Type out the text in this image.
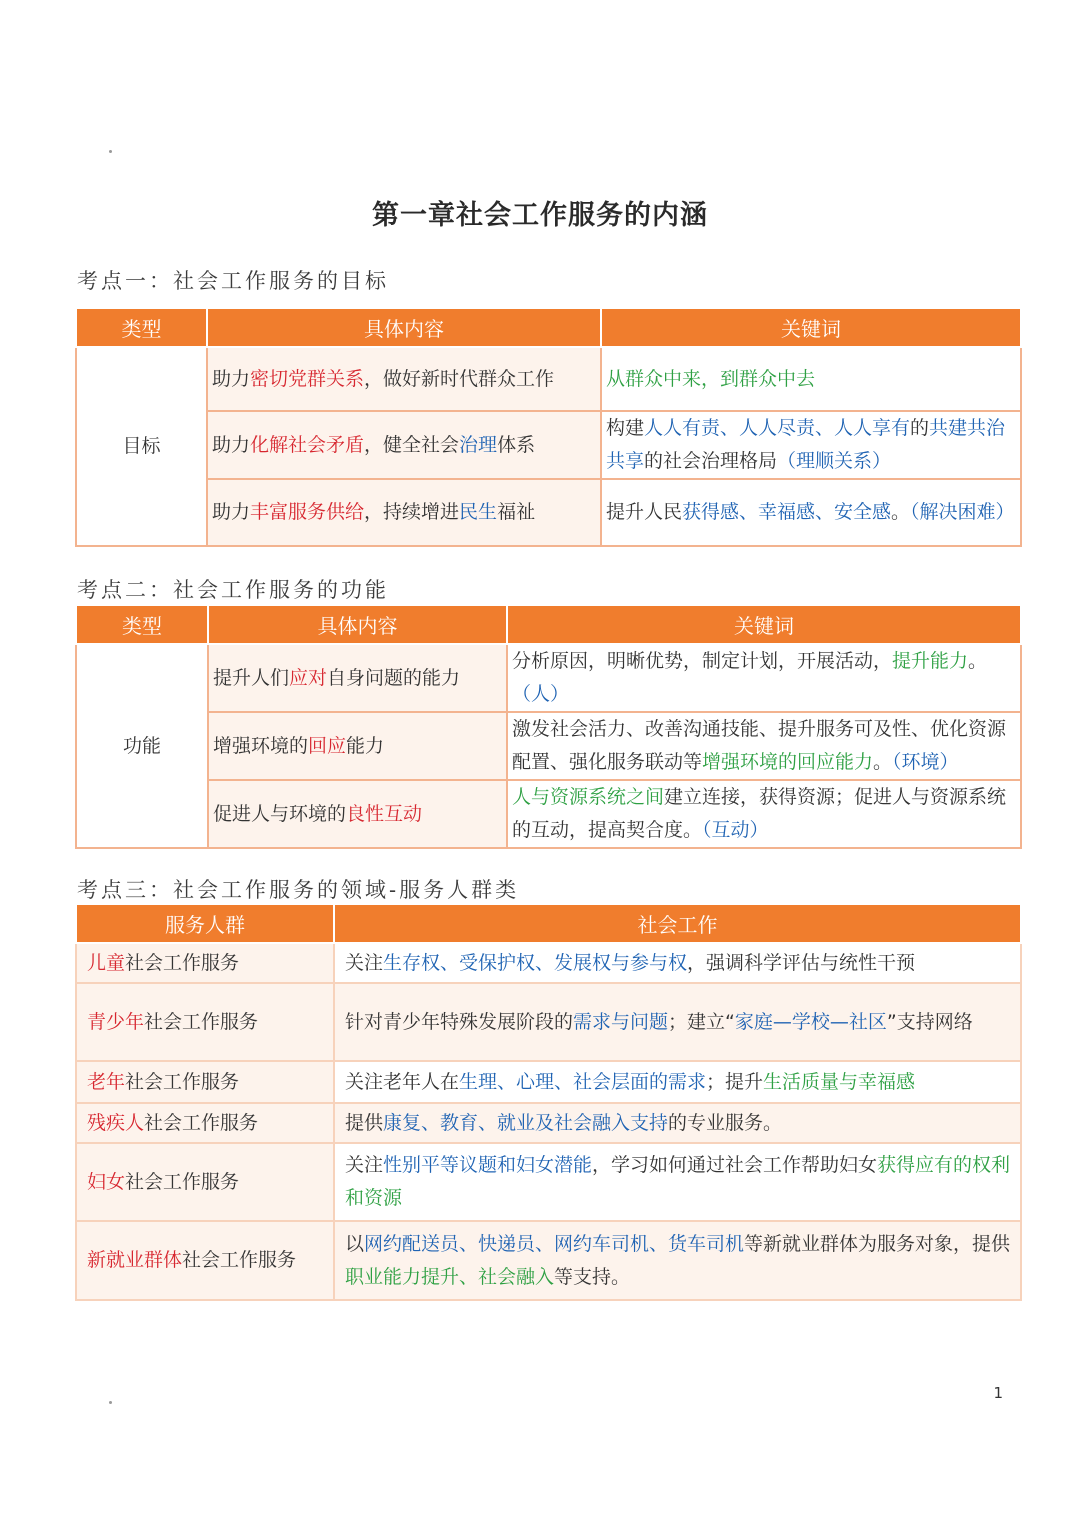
第一章社会工作服务的内涵
考点一：社会工作服务的目标
类型	具体内容	关键词
目标	助力密切党群关系，做好新时代群众工作	从群众中来，到群众中去
	助力化解社会矛盾，健全社会治理体系	构建人人有责、人人尽责、人人享有的共建共治共享的社会治理格局（理顺关系）
	助力丰富服务供给，持续增进民生福祉	提升人民获得感、幸福感、安全感。（解决困难）
考点二：社会工作服务的功能
类型	具体内容	关键词
功能	提升人们应对自身问题的能力	分析原因，明晰优势，制定计划，开展活动，提升能力。（人）
	增强环境的回应能力	激发社会活力、改善沟通技能、提升服务可及性、优化资源配置、强化服务联动等增强环境的回应能力。（环境）
	促进人与环境的良性互动	人与资源系统之间建立连接，获得资源；促进人与资源系统的互动，提高契合度。（互动）
考点三：社会工作服务的领域-服务人群类
服务人群	社会工作
儿童社会工作服务	关注生存权、受保护权、发展权与参与权，强调科学评估与统性干预
青少年社会工作服务	针对青少年特殊发展阶段的需求与问题；建立“家庭—学校—社区”支持网络
老年社会工作服务	关注老年人在生理、心理、社会层面的需求；提升生活质量与幸福感
残疾人社会工作服务	提供康复、教育、就业及社会融入支持的专业服务。
妇女社会工作服务	关注性别平等议题和妇女潜能，学习如何通过社会工作帮助妇女获得应有的权利和资源
新就业群体社会工作服务	以网约配送员、快递员、网约车司机、货车司机等新就业群体为服务对象，提供职业能力提升、社会融入等支持。
1
